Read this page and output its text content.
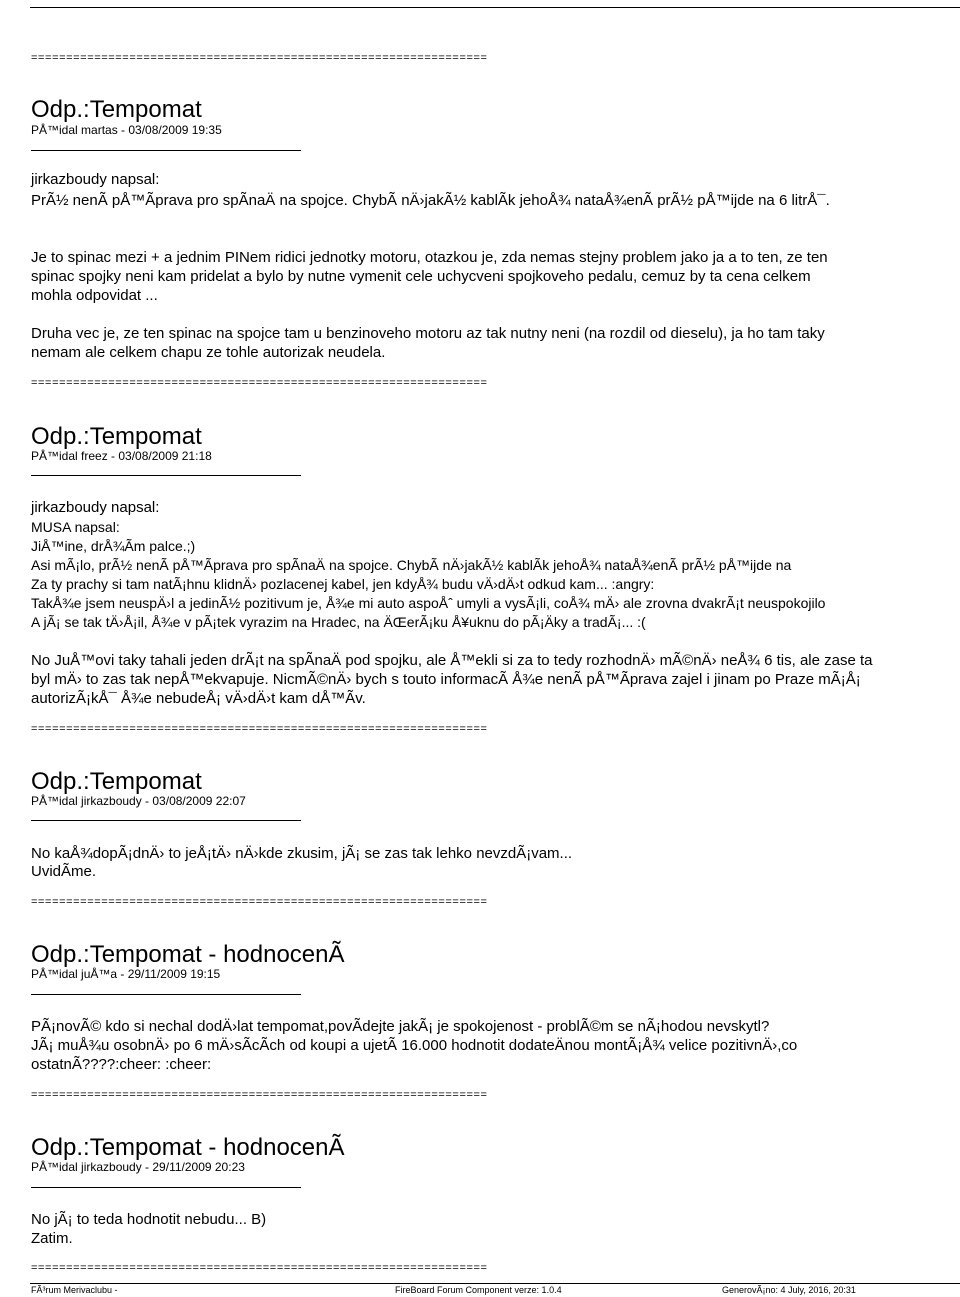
=================================================================
Odp.:Tempomat
PÅ™idal martas - 03/08/2009 19:35
jirkazboudy napsal:
PrÃ½ nenÃ pÅ™Ãprava pro spÃnaÄ na spojce. ChybÃ nÄ›jakÃ½ kablÃk jehoÅ¾ nataÅ¾enÃ prÃ½ pÅ™ijde na 6 litrÅ¯.
Je to spinac mezi + a jednim PINem ridici jednotky motoru, otazkou je, zda nemas stejny problem jako ja a to ten, ze ten
spinac spojky neni kam pridelat a bylo by nutne vymenit cele uchycveni spojkoveho pedalu, cemuz by ta cena celkem
mohla odpovidat ...
Druha vec je, ze ten spinac na spojce tam u benzinoveho motoru az tak nutny neni (na rozdil od dieselu), ja ho tam taky
nemam ale celkem chapu ze tohle autorizak neudela.
=================================================================
Odp.:Tempomat
PÅ™idal freez - 03/08/2009 21:18
jirkazboudy napsal:
MUSA napsal:
JiÅ™ine, drÅ¾Ãm palce.;)
Asi mÃ¡lo, prÃ½ nenÃ pÅ™Ãprava pro spÃnaÄ na spojce. ChybÃ nÄ›jakÃ½ kablÃk jehoÅ¾ nataÅ¾enÃ prÃ½ pÅ™ijde na
Za ty prachy si tam natÃ¡hnu klidnÄ› pozlacenej kabel, jen kdyÅ¾ budu vÄ›dÄ›t odkud kam... :angry:
TakÅ¾e jsem neuspÄ›l a jedinÃ½ pozitivum je, Å¾e mi auto aspoÅˆ umyli a vysÃ¡li, coÅ¾ mÄ› ale zrovna dvakrÃ¡t neuspokojilo
A jÃ¡ se tak tÄ›Å¡il, Å¾e v pÃ¡tek vyrazim na Hradec, na ÄŒerÃ¡ku Å¥uknu do pÃ¡Äky a tradÃ¡... :(
No JuÅ™ovi taky tahali jeden drÃ¡t na spÃnaÄ pod spojku, ale Å™ekli si za to tedy rozhodnÄ› mÃ©nÄ› neÅ¾ 6 tis, ale zase ta
byl mÄ› to zas tak nepÅ™ekvapuje. NicmÃ©nÄ› bych s touto informacÃ Å¾e nenÃ pÅ™Ãprava zajel i jinam po Praze mÃ¡Å¡
autorizÃ¡kÅ¯ Å¾e nebudeÅ¡ vÄ›dÄ›t kam dÅ™Ãv.
=================================================================
Odp.:Tempomat
PÅ™idal jirkazboudy - 03/08/2009 22:07
No kaÅ¾dopÃ¡dnÄ› to jeÅ¡tÄ› nÄ›kde zkusim, jÃ¡ se zas tak lehko nevzdÃ¡vam...
UvidÃme.
=================================================================
Odp.:Tempomat - hodnocenÃ
PÅ™idal juÅ™a - 29/11/2009 19:15
PÃ¡novÃ© kdo si nechal dodÄ›lat tempomat,povÃdejte jakÃ¡ je spokojenost - problÃ©m se nÃ¡hodou nevskytl?
JÃ¡ muÅ¾u osobnÄ› po 6 mÄ›sÃcÃch od koupi a ujetÃ 16.000 hodnotit dodateÄnou montÃ¡Å¾ velice pozitivnÄ›,co
ostatnÃ????:cheer: :cheer:
=================================================================
Odp.:Tempomat - hodnocenÃ
PÅ™idal jirkazboudy - 29/11/2009 20:23
No jÃ¡ to teda hodnotit nebudu... B)
Zatim.
=================================================================
FÃ³rum Merivaclubu -	FireBoard Forum Component verze: 1.0.4	GenerovÃ¡no: 4 July, 2016, 20:31
